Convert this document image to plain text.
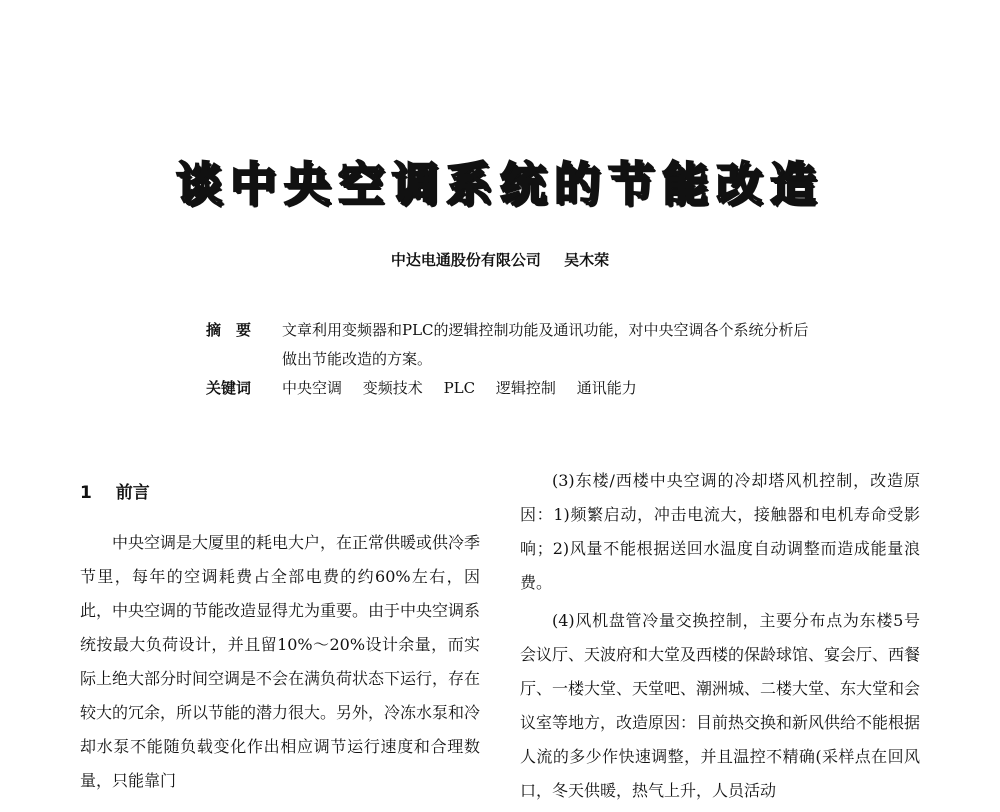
谈中央空调系统的节能改造
中达电通股份有限公司 吴木荣
摘　要	文章利用变频器和PLC的逻辑控制功能及通讯功能，对中央空调各个系统分析后做出节能改造的方案。
关键词	中央空调 变频技术 PLC 逻辑控制 通讯能力
1 前言

中央空调是大厦里的耗电大户，在正常供暖或供冷季节里，每年的空调耗费占全部电费的约60%左右，因此，中央空调的节能改造显得尤为重要。由于中央空调系统按最大负荷设计，并且留10%～20%设计余量，而实际上绝大部分时间空调是不会在满负荷状态下运行，存在较大的冗余，所以节能的潜力很大。另外，冷冻水泵和冷却水泵不能随负载变化作出相应调节运行速度和合理数量，只能靠门

(3)东楼/西楼中央空调的冷却塔风机控制，改造原因：1)频繁启动，冲击电流大，接触器和电机寿命受影响；2)风量不能根据送回水温度自动调整而造成能量浪费。

(4)风机盘管冷量交换控制，主要分布点为东楼5号会议厅、天波府和大堂及西楼的保龄球馆、宴会厅、西餐厅、一楼大堂、天堂吧、潮洲城、二楼大堂、东大堂和会议室等地方，改造原因：目前热交换和新风供给不能根据人流的多少作快速调整，并且温控不精确(采样点在回风口，冬天供暖，热气上升，人员活动
